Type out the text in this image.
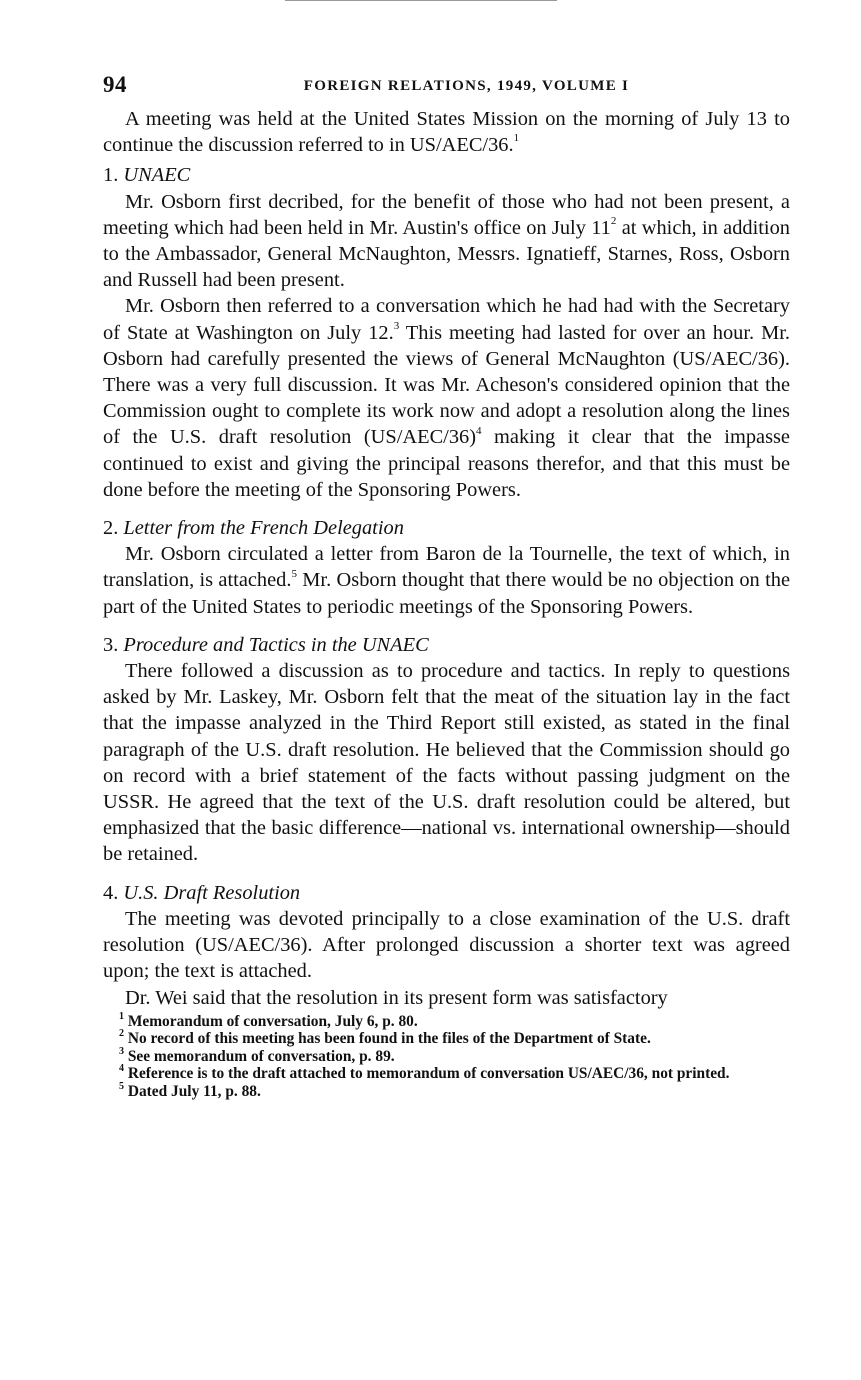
94	FOREIGN RELATIONS, 1949, VOLUME I

A meeting was held at the United States Mission on the morning of July 13 to continue the discussion referred to in US/AEC/36.$^1$

1. UNAEC

Mr. Osborn first decribed, for the benefit of those who had not been present, a meeting which had been held in Mr. Austin's office on July $11^2$ at which, in addition to the Ambassador, General McNaughton, Messrs. Ignatieff, Starnes, Ross, Osborn and Russell had been present.

Mr. Osborn then referred to a conversation which he had had with the Secretary of State at Washington on July 12.$^3$ This meeting had lasted for over an hour. Mr. Osborn had carefully presented the views of General McNaughton (US/AEC/36). There was a very full discussion. It was Mr. Acheson's considered opinion that the Commission ought to complete its work now and adopt a resolution along the lines of the U.S. draft resolution $(US/AEC/36)^4$ making it clear that the impasse continued to exist and giving the principal reasons therefor, and that this must be done before the meeting of the Sponsoring Powers.

2. Letter from the French Delegation

Mr. Osborn circulated a letter from Baron de la Tournelle, the text of which, in translation, is attached.$^5$ Mr. Osborn thought that there would be no objection on the part of the United States to periodic meetings of the Sponsoring Powers.

3. Procedure and Tactics in the UNAEC

There followed a discussion as to procedure and tactics. In reply to questions asked by Mr. Laskey, Mr. Osborn felt that the meat of the situation lay in the fact that the impasse analyzed in the Third Report still existed, as stated in the final paragraph of the U.S. draft resolution. He believed that the Commission should go on record with a brief statement of the facts without passing judgment on the USSR. He agreed that the text of the U.S. draft resolution could be altered, but emphasized that the basic difference—national vs. international ownership—should be retained.

4. U.S. Draft Resolution

The meeting was devoted principally to a close examination of the U.S. draft resolution (US/AEC/36). After prolonged discussion a shorter text was agreed upon; the text is attached.

Dr. Wei said that the resolution in its present form was satisfactory

$^1$ Memorandum of conversation, July 6, p. 80.

$^2$ No record of this meeting has been found in the files of the Department of State.

$^3$ See memorandum of conversation, p. 89.

$^4$ Reference is to the draft attached to memorandum of conversation US/AEC/36, not printed.

$^5$ Dated July 11, p. 88.
